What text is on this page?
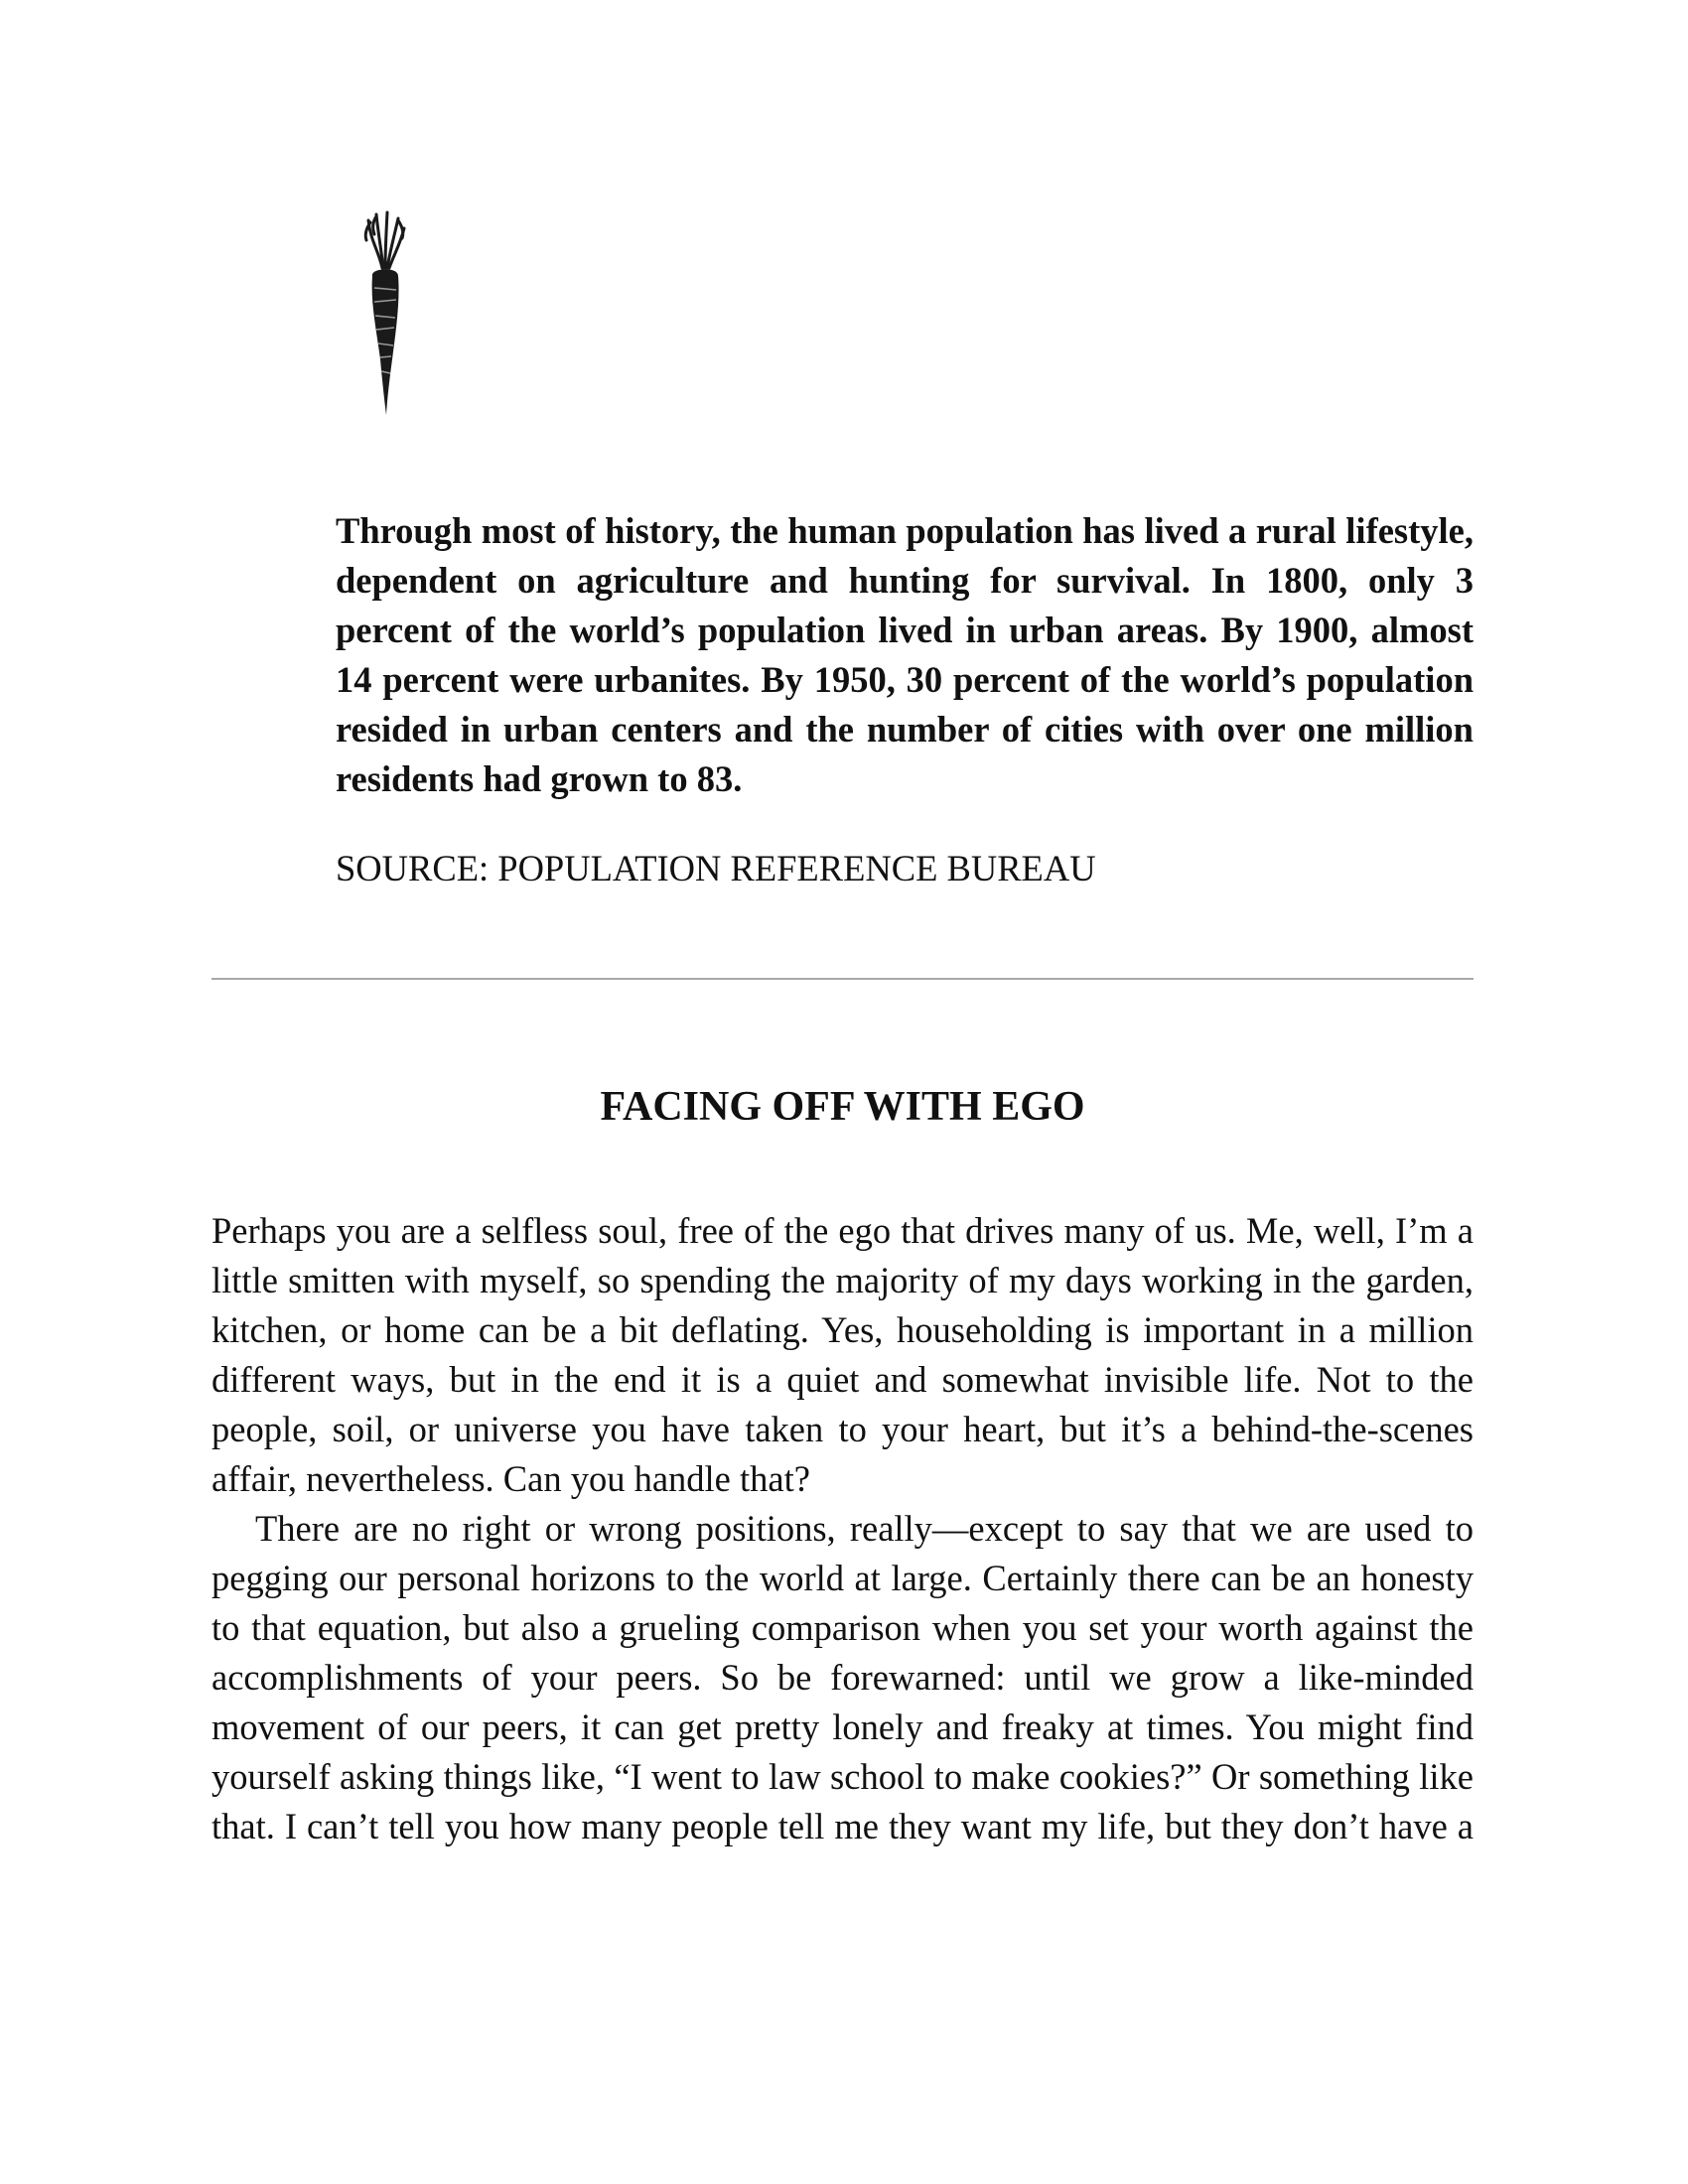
Through most of history, the human population has lived a rural lifestyle, dependent on agriculture and hunting for survival. In 1800, only 3 percent of the world’s population lived in urban areas. By 1900, almost 14 percent were urbanites. By 1950, 30 percent of the world’s population resided in urban centers and the number of cities with over one million residents had grown to 83.

SOURCE: POPULATION REFERENCE BUREAU

FACING OFF WITH EGO

Perhaps you are a selfless soul, free of the ego that drives many of us. Me, well, I’m a little smitten with myself, so spending the majority of my days working in the garden, kitchen, or home can be a bit deflating. Yes, householding is important in a million different ways, but in the end it is a quiet and somewhat invisible life. Not to the people, soil, or universe you have taken to your heart, but it’s a behind-the-scenes affair, nevertheless. Can you handle that?

There are no right or wrong positions, really—except to say that we are used to pegging our personal horizons to the world at large. Certainly there can be an honesty to that equation, but also a grueling comparison when you set your worth against the accomplishments of your peers. So be forewarned: until we grow a like-minded movement of our peers, it can get pretty lonely and freaky at times. You might find yourself asking things like, “I went to law school to make cookies?” Or something like that. I can’t tell you how many people tell me they want my life, but they don’t have a
